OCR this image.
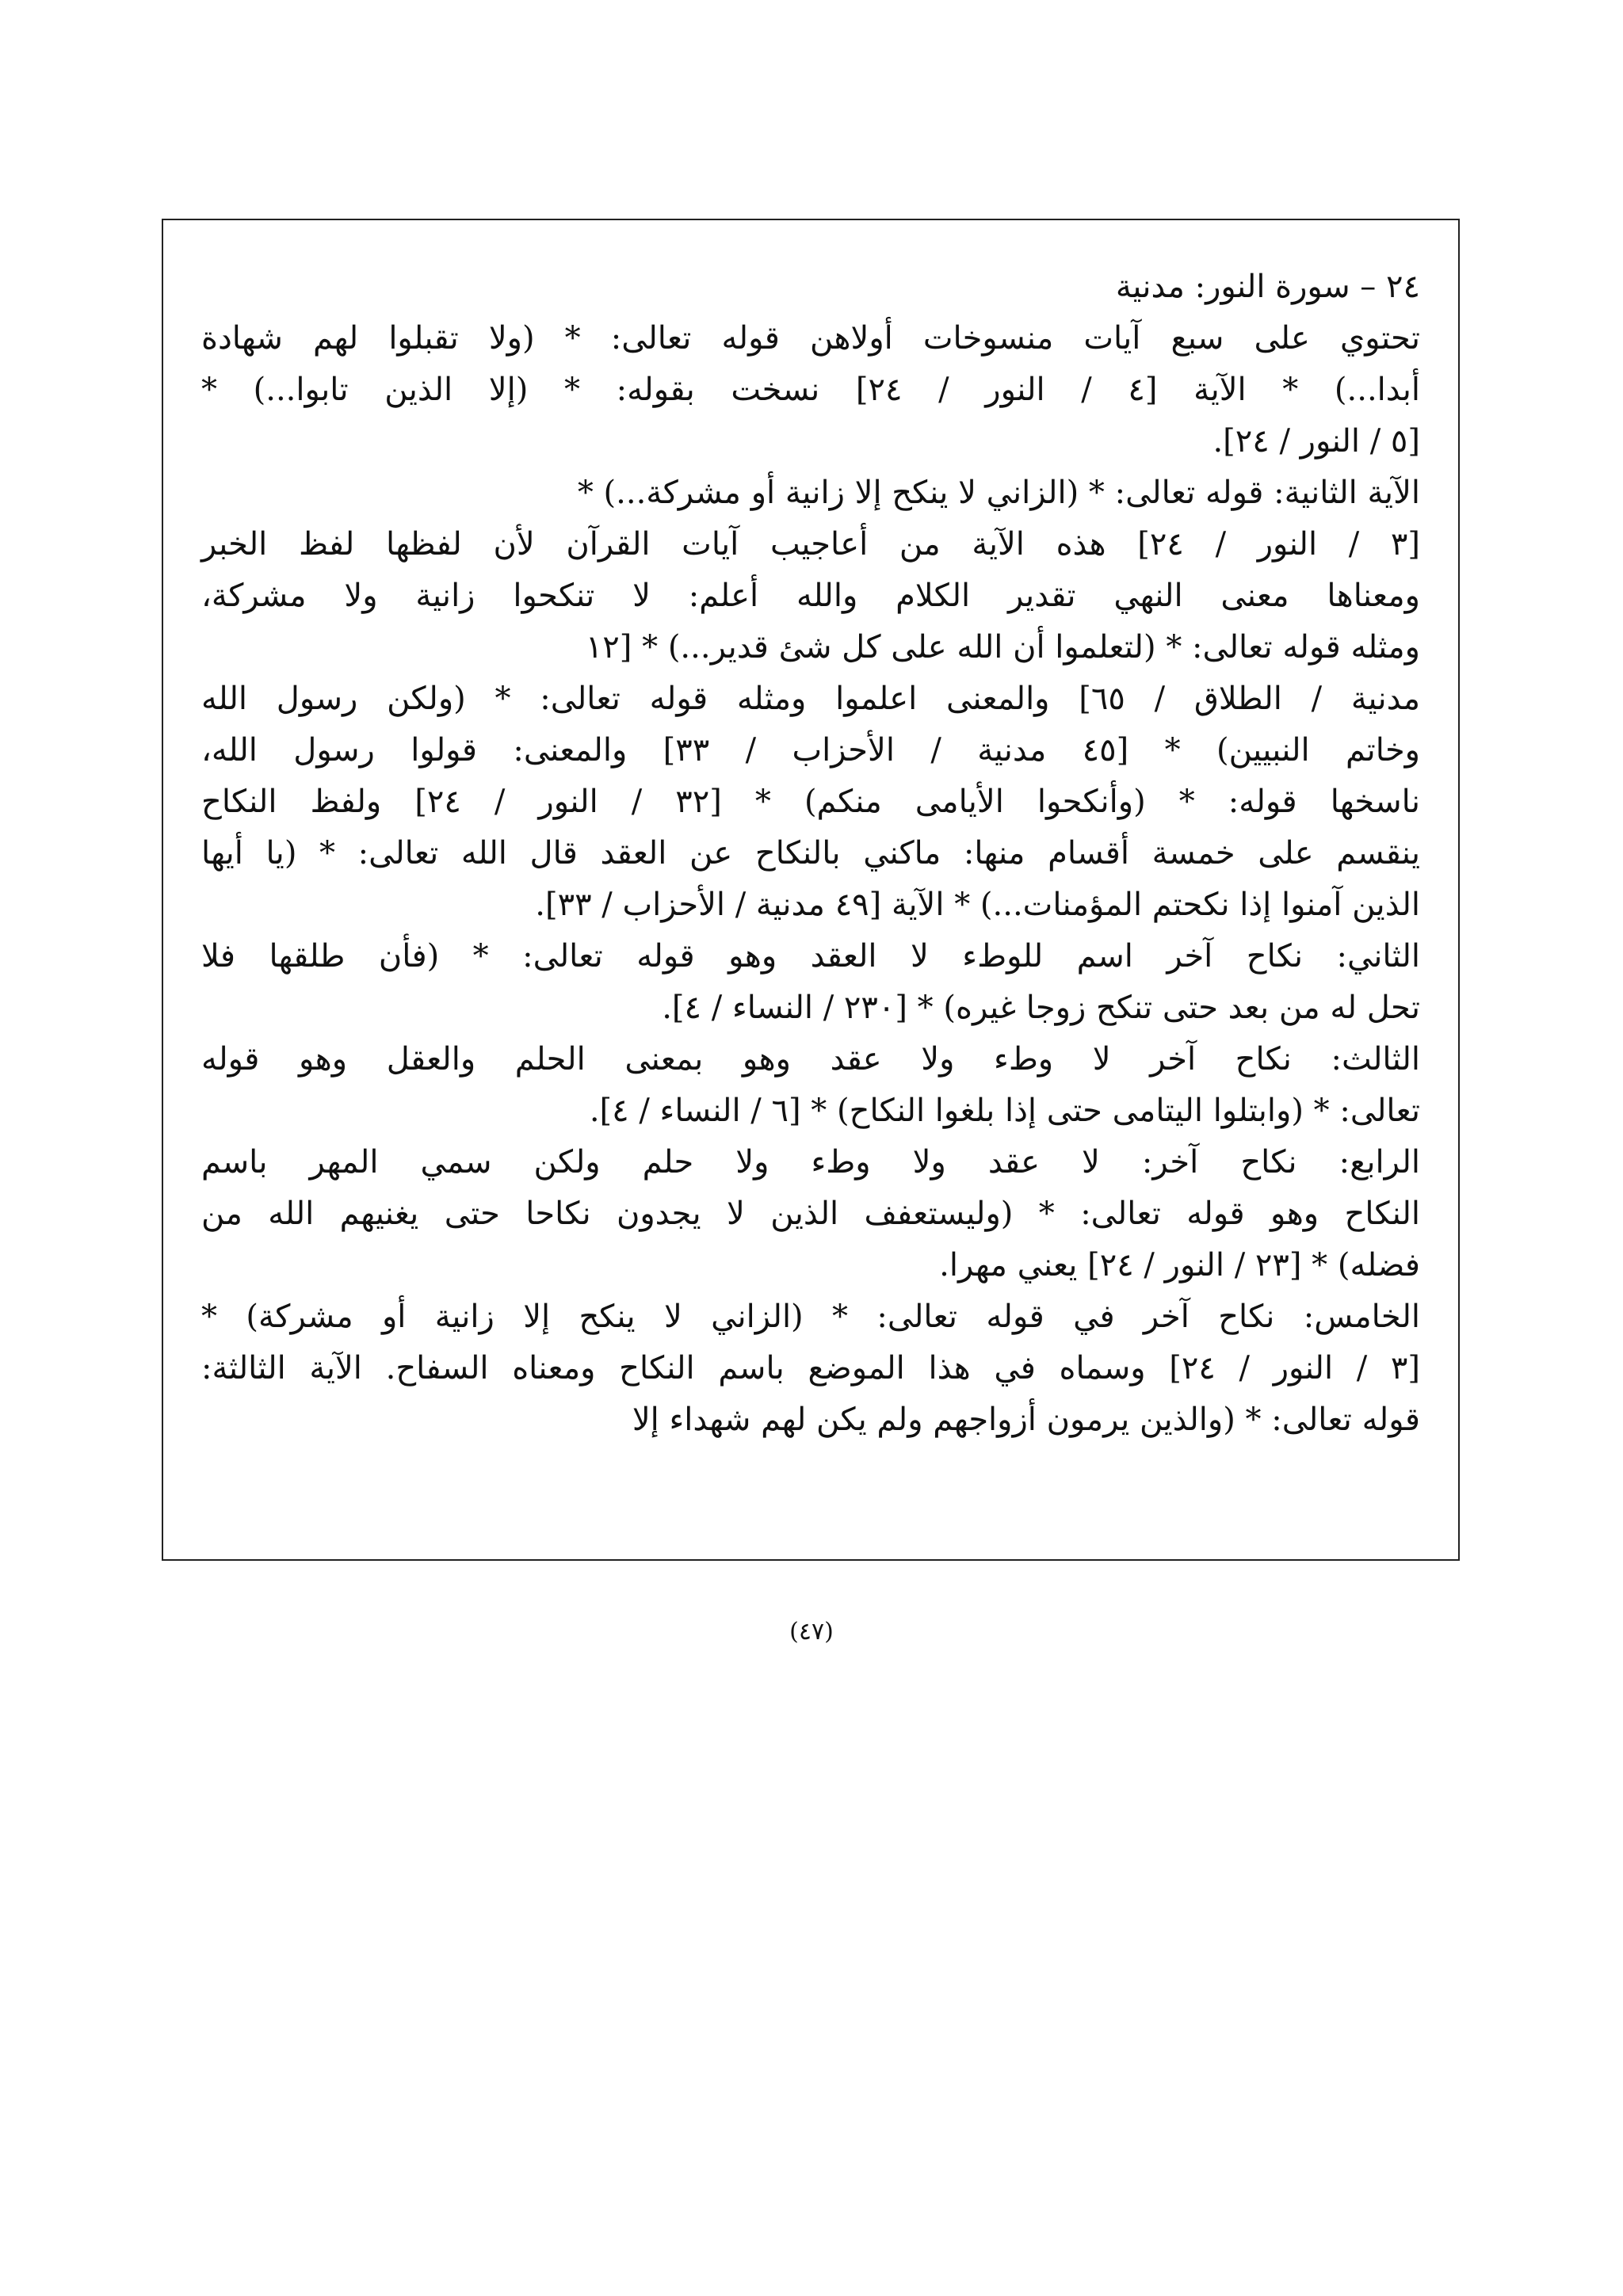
٢٤ – سورة النور: مدنية
تحتوي على سبع آيات منسوخات أولاهن قوله تعالى: * (ولا تقبلوا لهم شهادة
أبدا...) * الآية [٤ / النور / ٢٤] نسخت بقوله: * (إلا الذين تابوا...) *
[٥ / النور / ٢٤].
الآية الثانية: قوله تعالى: * (الزاني لا ينكح إلا زانية أو مشركة...) *
[٣ / النور / ٢٤] هذه الآية من أعاجيب آيات القرآن لأن لفظها لفظ الخبر
ومعناها معنى النهي تقدير الكلام والله أعلم: لا تنكحوا زانية ولا مشركة،
ومثله قوله تعالى: * (لتعلموا أن الله على كل شئ قدير...) * [١٢
مدنية / الطلاق / ٦٥] والمعنى اعلموا ومثله قوله تعالى: * (ولكن رسول الله
وخاتم النبيين) * [٤٥ مدنية / الأحزاب / ٣٣] والمعنى: قولوا رسول الله،
ناسخها قوله: * (وأنكحوا الأيامى منكم) * [٣٢ / النور / ٢٤] ولفظ النكاح
ينقسم على خمسة أقسام منها: ماكني بالنكاح عن العقد قال الله تعالى: * (يا أيها
الذين آمنوا إذا نكحتم المؤمنات...) * الآية [٤٩ مدنية / الأحزاب / ٣٣].
الثاني: نكاح آخر اسم للوطء لا العقد وهو قوله تعالى: * (فأن طلقها فلا
تحل له من بعد حتى تنكح زوجا غيره) * [٢٣٠ / النساء / ٤].
الثالث: نكاح آخر لا وطء ولا عقد وهو بمعنى الحلم والعقل وهو قوله
تعالى: * (وابتلوا اليتامى حتى إذا بلغوا النكاح) * [٦ / النساء / ٤].
الرابع: نكاح آخر: لا عقد ولا وطء ولا حلم ولكن سمي المهر باسم
النكاح وهو قوله تعالى: * (وليستعفف الذين لا يجدون نكاحا حتى يغنيهم الله من
فضله) * [٢٣ / النور / ٢٤] يعني مهرا.
الخامس: نكاح آخر في قوله تعالى: * (الزاني لا ينكح إلا زانية أو مشركة) *
[٣ / النور / ٢٤] وسماه في هذا الموضع باسم النكاح ومعناه السفاح. الآية الثالثة:
قوله تعالى: * (والذين يرمون أزواجهم ولم يكن لهم شهداء إلا
(٤٧)
